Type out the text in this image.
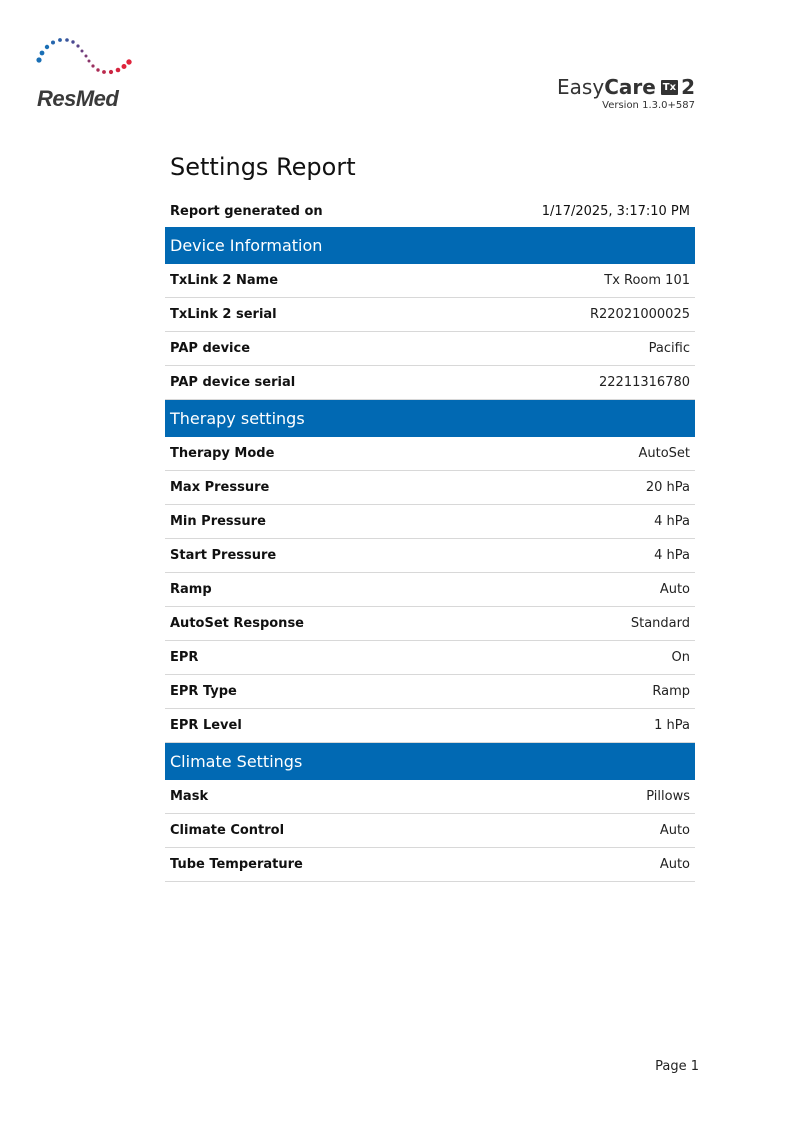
ResMed	Easy Care Tx 2
Version 1.3.0+587
Settings Report
Report generated on	1/17/2025, 3:17:10 PM
Device Information
TxLink 2 Name	Tx Room 101
TxLink 2 serial	R22021000025
PAP device	Pacific
PAP device serial	22211316780
Therapy settings
Therapy Mode	AutoSet
Max Pressure	20 hPa
Min Pressure	4 hPa
Start Pressure	4 hPa
Ramp	Auto
AutoSet Response	Standard
EPR	On
EPR Type	Ramp
EPR Level	1 hPa
Climate Settings
Mask	Pillows
Climate Control	Auto
Tube Temperature	Auto
Page 1
